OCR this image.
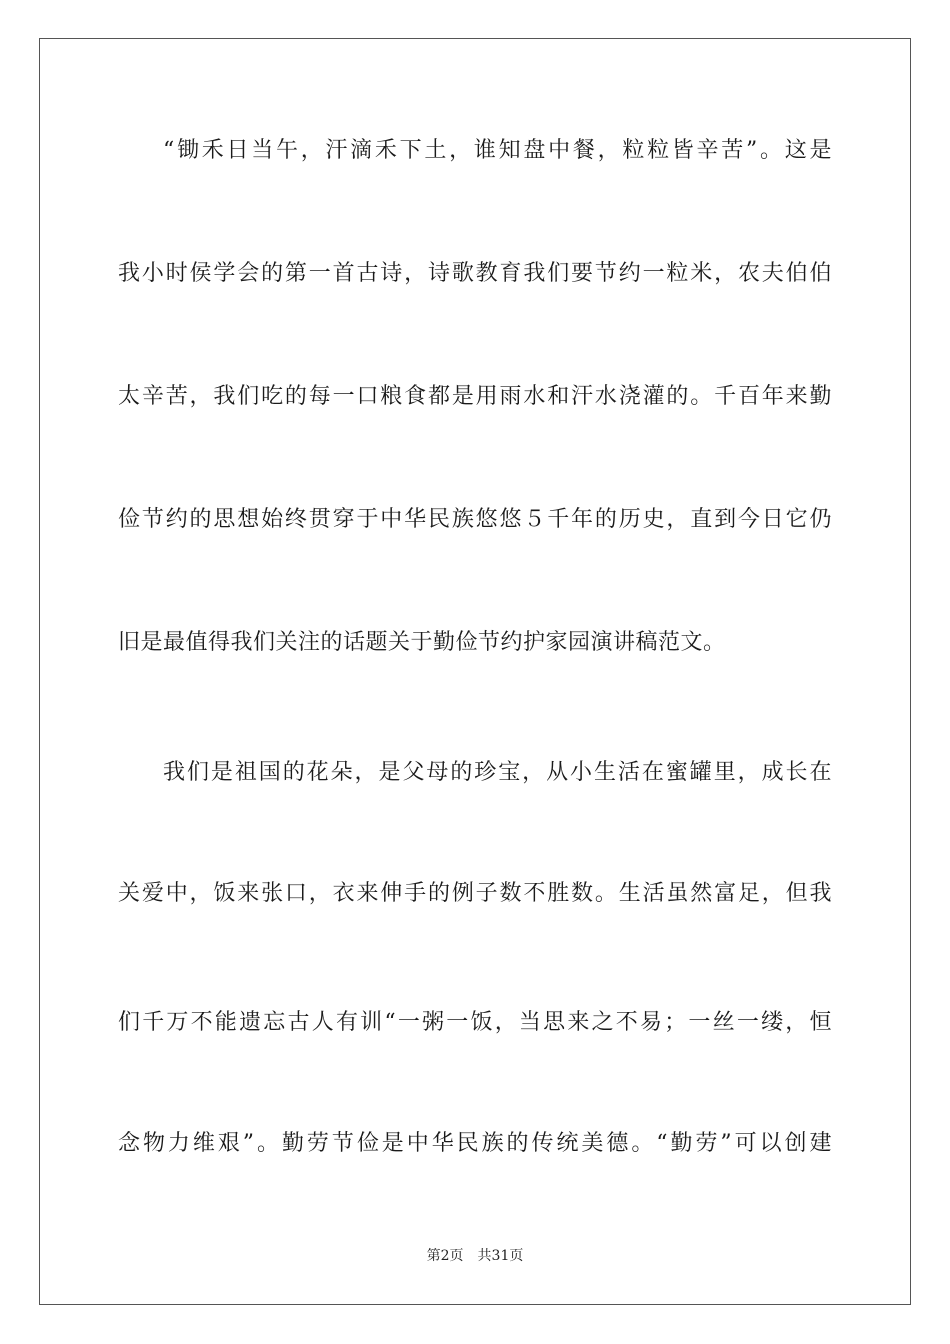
“锄禾日当午，汗滴禾下土，谁知盘中餐，粒粒皆辛苦”。这是
我小时侯学会的第一首古诗，诗歌教育我们要节约一粒米，农夫伯伯
太辛苦，我们吃的每一口粮食都是用雨水和汗水浇灌的。千百年来勤
俭节约的思想始终贯穿于中华民族悠悠５千年的历史，直到今日它仍
旧是最值得我们关注的话题关于勤俭节约护家园演讲稿范文。
我们是祖国的花朵，是父母的珍宝，从小生活在蜜罐里，成长在
关爱中，饭来张口，衣来伸手的例子数不胜数。生活虽然富足，但我
们千万不能遗忘古人有训“一粥一饭，当思来之不易；一丝一缕，恒
念物力维艰”。勤劳节俭是中华民族的传统美德。“勤劳”可以创建
第2页 共31页
